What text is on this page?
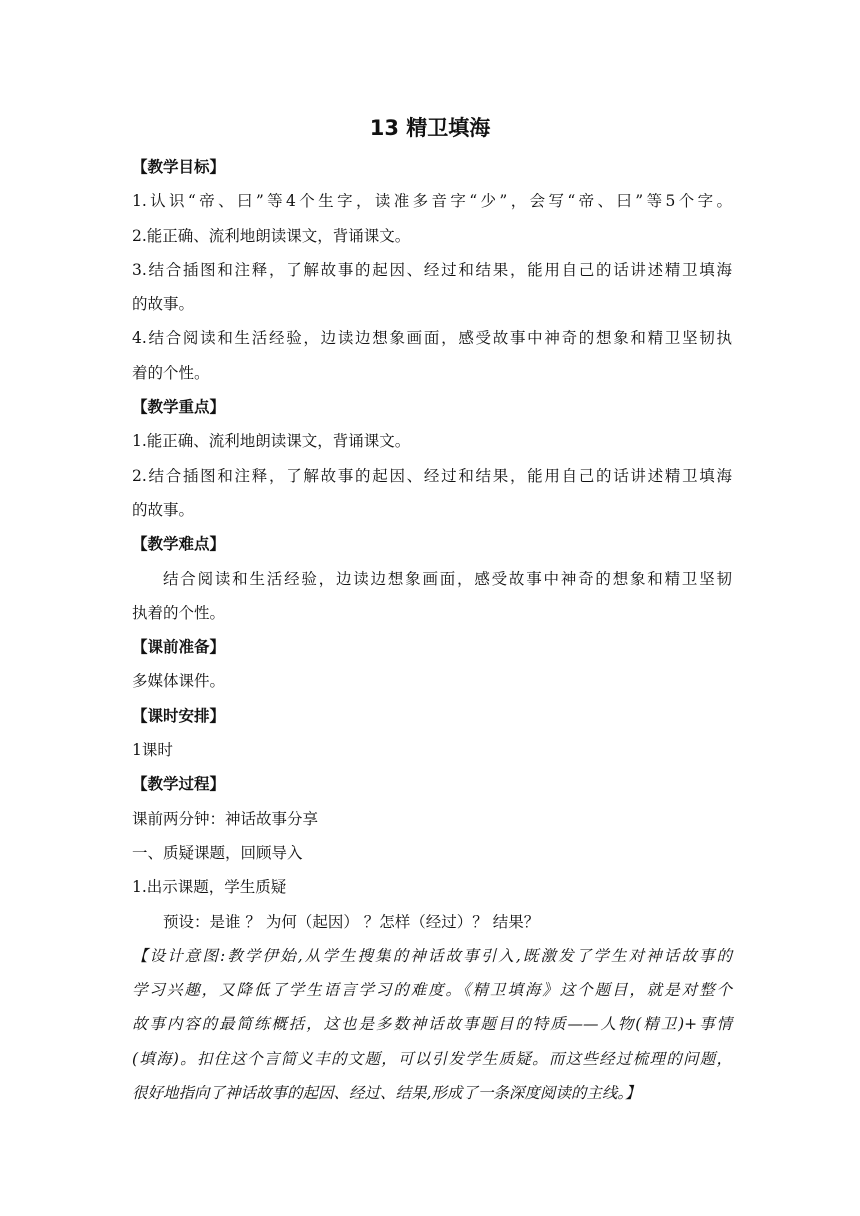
13 精卫填海
【教学目标】
1.认识“帝、曰”等4个生字，读准多音字“少”，会写“帝、曰”等5个字。
2.能正确、流利地朗读课文，背诵课文。
3.结合插图和注释，了解故事的起因、经过和结果，能用自己的话讲述精卫填海
的故事。
4.结合阅读和生活经验，边读边想象画面，感受故事中神奇的想象和精卫坚韧执
着的个性。
【教学重点】
1.能正确、流利地朗读课文，背诵课文。
2.结合插图和注释，了解故事的起因、经过和结果，能用自己的话讲述精卫填海
的故事。
【教学难点】
结合阅读和生活经验，边读边想象画面，感受故事中神奇的想象和精卫坚韧
执着的个性。
【课前准备】
多媒体课件。
【课时安排】
1课时
【教学过程】
课前两分钟：神话故事分享
一、质疑课题，回顾导入
1.出示课题，学生质疑
预设：是谁 ？ 为何（起因） ？怎样（经过）？ 结果？
【设计意图:教学伊始,从学生搜集的神话故事引入,既激发了学生对神话故事的
学习兴趣，又降低了学生语言学习的难度。《精卫填海》这个题目，就是对整个
故事内容的最简练概括，这也是多数神话故事题目的特质——人物(精卫)+事情
(填海)。扣住这个言简义丰的文题，可以引发学生质疑。而这些经过梳理的问题，
很好地指向了神话故事的起因、经过、结果,形成了一条深度阅读的主线。】
